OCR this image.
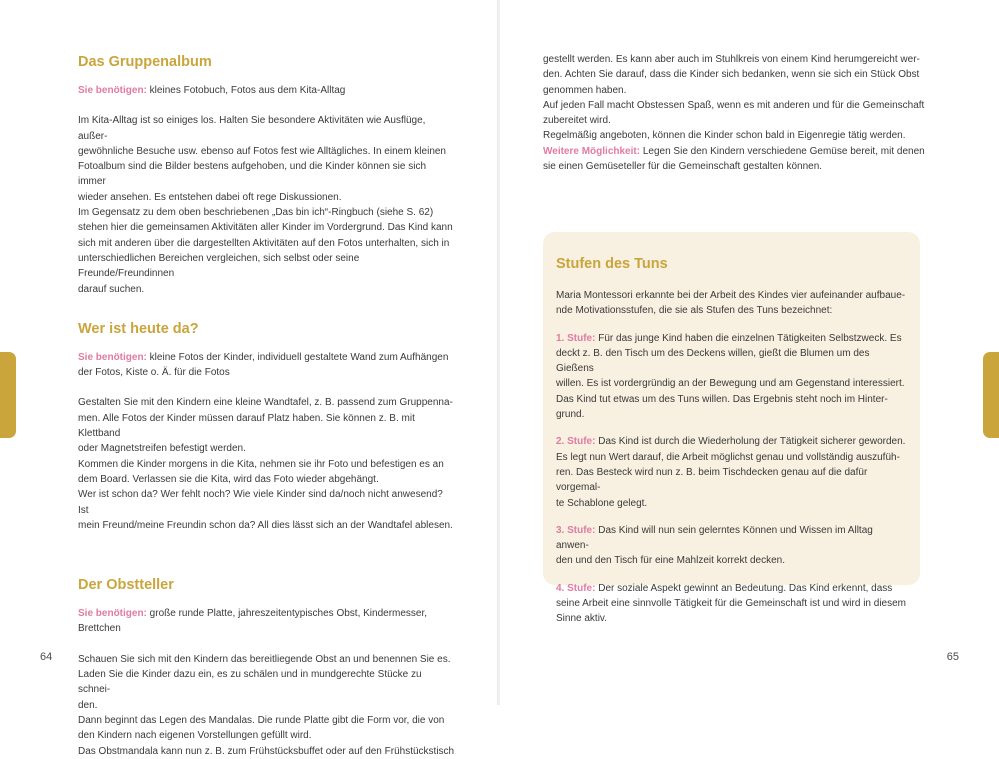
Das Gruppenalbum

Sie benötigen: kleines Fotobuch, Fotos aus dem Kita-Alltag

Im Kita-Alltag ist so einiges los. Halten Sie besondere Aktivitäten wie Ausflüge, außer-
gewöhnliche Besuche usw. ebenso auf Fotos fest wie Alltägliches. In einem kleinen
Fotoalbum sind die Bilder bestens aufgehoben, und die Kinder können sie sich immer
wieder ansehen. Es entstehen dabei oft rege Diskussionen.

Im Gegensatz zu dem oben beschriebenen „Das bin ich“-Ringbuch (siehe S. 62)
stehen hier die gemeinsamen Aktivitäten aller Kinder im Vordergrund. Das Kind kann
sich mit anderen über die dargestellten Aktivitäten auf den Fotos unterhalten, sich in
unterschiedlichen Bereichen vergleichen, sich selbst oder seine Freunde/Freundinnen
darauf suchen.

Wer ist heute da?

Sie benötigen: kleine Fotos der Kinder, individuell gestaltete Wand zum Aufhängen
der Fotos, Kiste o. Ä. für die Fotos

Gestalten Sie mit den Kindern eine kleine Wandtafel, z. B. passend zum Gruppenna-
men. Alle Fotos der Kinder müssen darauf Platz haben. Sie können z. B. mit Klettband
oder Magnetstreifen befestigt werden.

Kommen die Kinder morgens in die Kita, nehmen sie ihr Foto und befestigen es an
dem Board. Verlassen sie die Kita, wird das Foto wieder abgehängt.

Wer ist schon da? Wer fehlt noch? Wie viele Kinder sind da/noch nicht anwesend? Ist
mein Freund/meine Freundin schon da? All dies lässt sich an der Wandtafel ablesen.

Der Obstteller

Sie benötigen: große runde Platte, jahreszeitentypisches Obst, Kindermesser,
Brettchen

Schauen Sie sich mit den Kindern das bereitliegende Obst an und benennen Sie es.
Laden Sie die Kinder dazu ein, es zu schälen und in mundgerechte Stücke zu schnei-
den.

Dann beginnt das Legen des Mandalas. Die runde Platte gibt die Form vor, die von
den Kindern nach eigenen Vorstellungen gefüllt wird.

Das Obstmandala kann nun z. B. zum Frühstücksbuffet oder auf den Frühstückstisch

64

gestellt werden. Es kann aber auch im Stuhlkreis von einem Kind herumgereicht wer-
den. Achten Sie darauf, dass die Kinder sich bedanken, wenn sie sich ein Stück Obst
genommen haben.

Auf jeden Fall macht Obstessen Spaß, wenn es mit anderen und für die Gemeinschaft
zubereitet wird.

Regelmäßig angeboten, können die Kinder schon bald in Eigenregie tätig werden.

Weitere Möglichkeit: Legen Sie den Kindern verschiedene Gemüse bereit, mit denen
sie einen Gemüseteller für die Gemeinschaft gestalten können.

Stufen des Tuns

Maria Montessori erkannte bei der Arbeit des Kindes vier aufeinander aufbaue-
nde Motivationsstufen, die sie als Stufen des Tuns bezeichnet:

1. Stufe: Für das junge Kind haben die einzelnen Tätigkeiten Selbstzweck. Es
deckt z. B. den Tisch um des Deckens willen, gießt die Blumen um des Gießens
willen. Es ist vordergründig an der Bewegung und am Gegenstand interessiert.
Das Kind tut etwas um des Tuns willen. Das Ergebnis steht noch im Hinter-
grund.

2. Stufe: Das Kind ist durch die Wiederholung der Tätigkeit sicherer geworden.
Es legt nun Wert darauf, die Arbeit möglichst genau und vollständig auszufüh-
ren. Das Besteck wird nun z. B. beim Tischdecken genau auf die dafür vorgemal-
te Schablone gelegt.

3. Stufe: Das Kind will nun sein gelerntes Können und Wissen im Alltag anwen-
den und den Tisch für eine Mahlzeit korrekt decken.

4. Stufe: Der soziale Aspekt gewinnt an Bedeutung. Das Kind erkennt, dass
seine Arbeit eine sinnvolle Tätigkeit für die Gemeinschaft ist und wird in diesem
Sinne aktiv.

65
